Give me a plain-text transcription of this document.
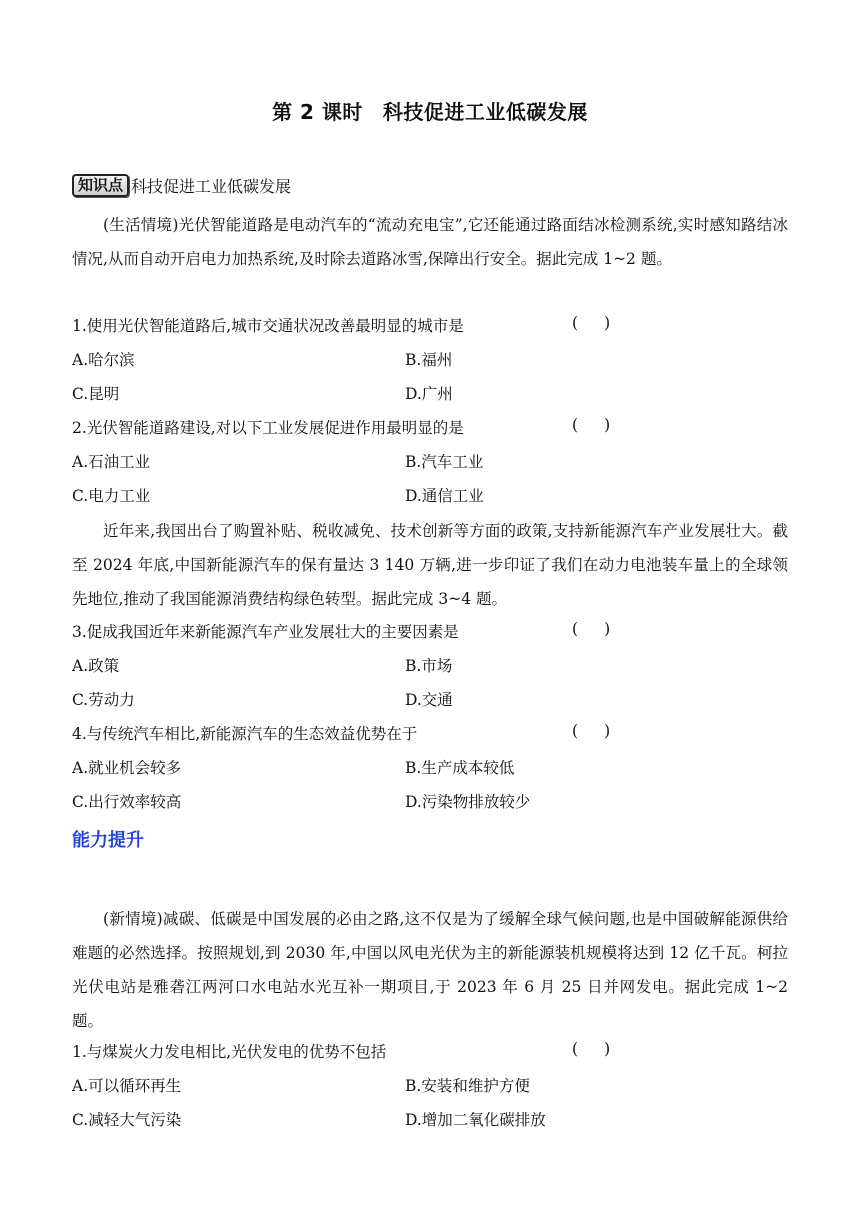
第 2 课时 科技促进工业低碳发展
知识点 科技促进工业低碳发展
(生活情境)光伏智能道路是电动汽车的“流动充电宝”,它还能通过路面结冰检测系统,实时感知路结冰情况,从而自动开启电力加热系统,及时除去道路冰雪,保障出行安全。据此完成 1~2 题。
1.使用光伏智能道路后,城市交通状况改善最明显的城市是	( )
A.哈尔滨	B.福州
C.昆明	D.广州
2.光伏智能道路建设,对以下工业发展促进作用最明显的是	( )
A.石油工业	B.汽车工业
C.电力工业	D.通信工业
近年来,我国出台了购置补贴、税收减免、技术创新等方面的政策,支持新能源汽车产业发展壮大。截至 2024 年底,中国新能源汽车的保有量达 3 140 万辆,进一步印证了我们在动力电池装车量上的全球领先地位,推动了我国能源消费结构绿色转型。据此完成 3~4 题。
3.促成我国近年来新能源汽车产业发展壮大的主要因素是	( )
A.政策	B.市场
C.劳动力	D.交通
4.与传统汽车相比,新能源汽车的生态效益优势在于	( )
A.就业机会较多	B.生产成本较低
C.出行效率较高	D.污染物排放较少
能力提升
(新情境)减碳、低碳是中国发展的必由之路,这不仅是为了缓解全球气候问题,也是中国破解能源供给难题的必然选择。按照规划,到 2030 年,中国以风电光伏为主的新能源装机规模将达到 12 亿千瓦。柯拉光伏电站是雅砻江两河口水电站水光互补一期项目,于 2023 年 6 月 25 日并网发电。据此完成 1~2 题。
1.与煤炭火力发电相比,光伏发电的优势不包括	( )
A.可以循环再生	B.安装和维护方便
C.减轻大气污染	D.增加二氧化碳排放
